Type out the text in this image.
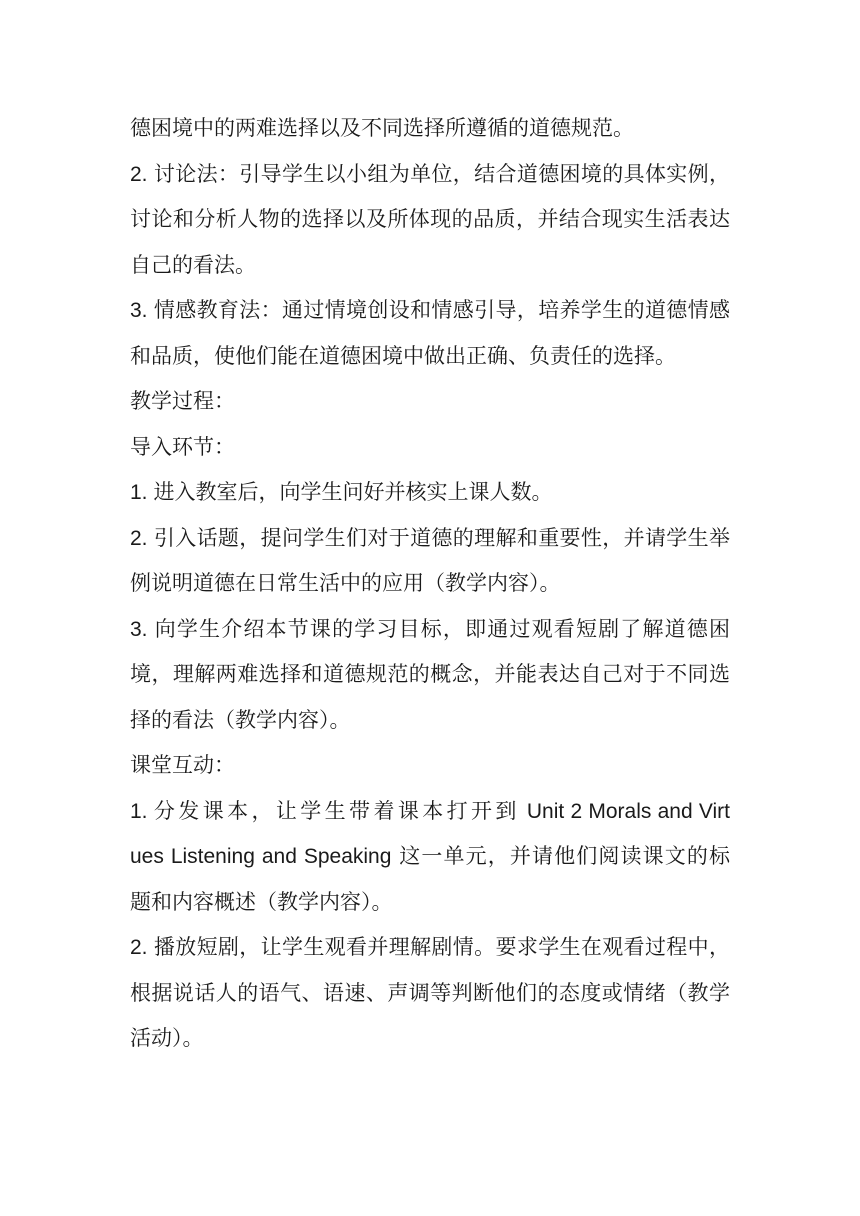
德困境中的两难选择以及不同选择所遵循的道德规范。

2. 讨论法：引导学生以小组为单位，结合道德困境的具体实例，讨论和分析人物的选择以及所体现的品质，并结合现实生活表达自己的看法。

3. 情感教育法：通过情境创设和情感引导，培养学生的道德情感和品质，使他们能在道德困境中做出正确、负责任的选择。

教学过程：

导入环节：

1. 进入教室后，向学生问好并核实上课人数。

2. 引入话题，提问学生们对于道德的理解和重要性，并请学生举例说明道德在日常生活中的应用（教学内容）。

3. 向学生介绍本节课的学习目标，即通过观看短剧了解道德困境，理解两难选择和道德规范的概念，并能表达自己对于不同选择的看法（教学内容）。

课堂互动：

1. 分发课本，让学生带着课本打开到 Unit 2 Morals and Virtues Listening and Speaking 这一单元，并请他们阅读课文的标题和内容概述（教学内容）。

2. 播放短剧，让学生观看并理解剧情。要求学生在观看过程中，根据说话人的语气、语速、声调等判断他们的态度或情绪（教学活动）。
